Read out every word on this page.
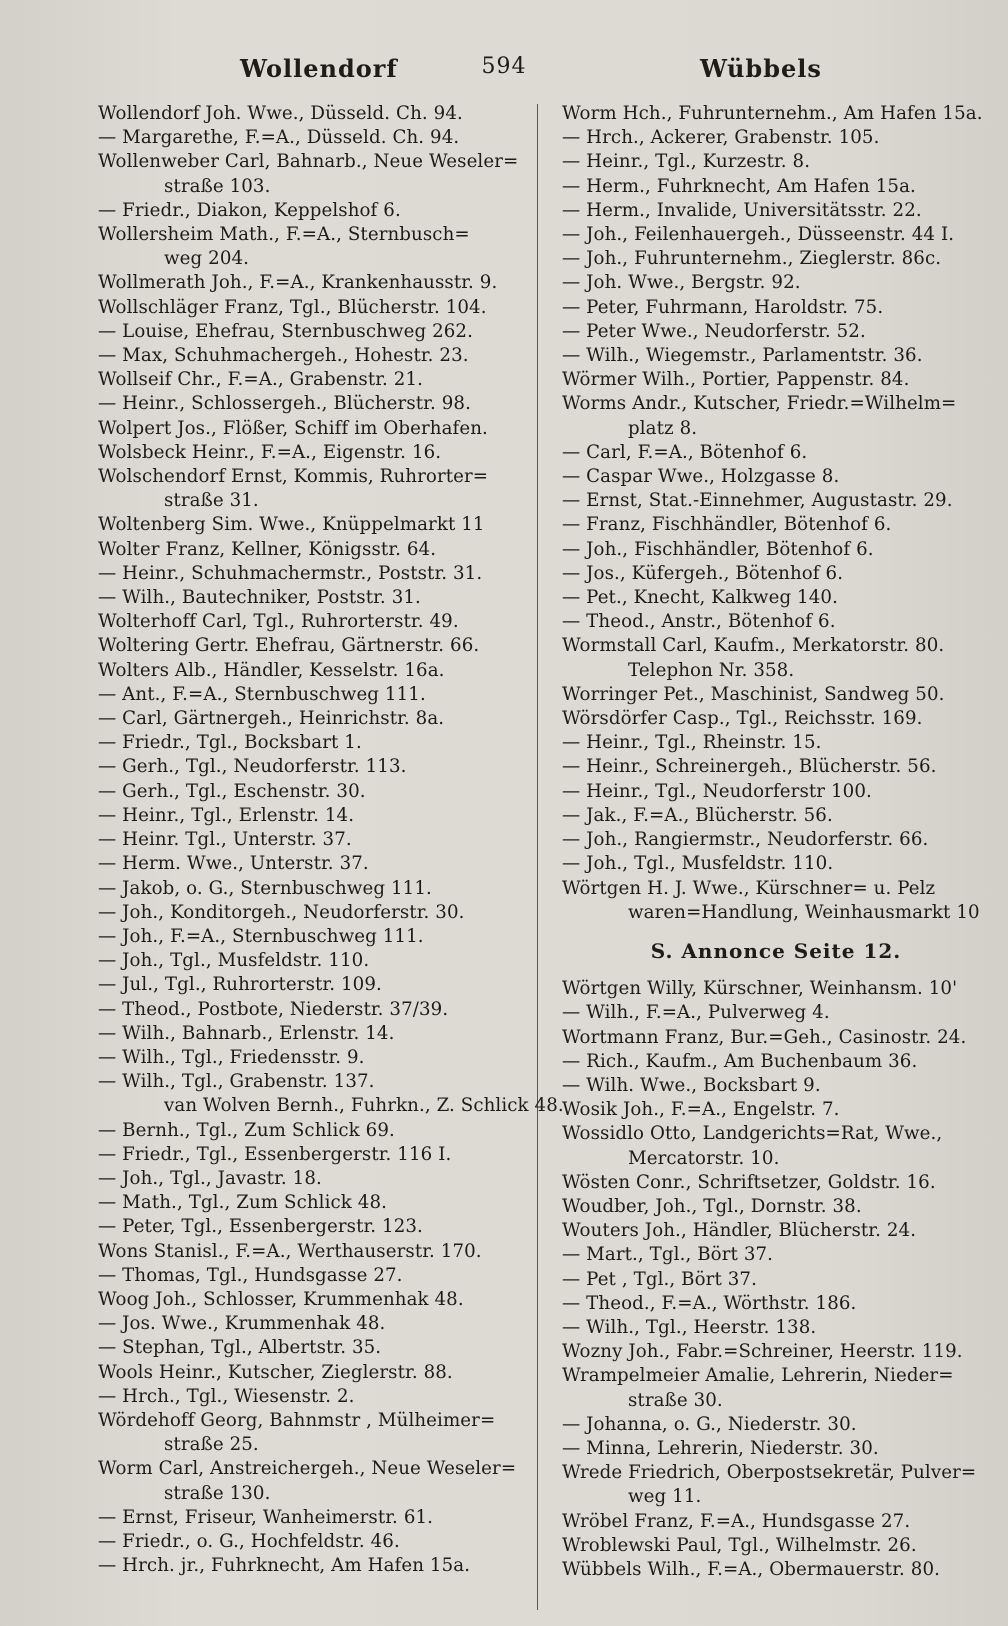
594
Wollendorf	Wübbels
Wollendorf Joh. Wwe., Düsseld. Ch. 94.
— Margarethe, F.=A., Düsseld. Ch. 94.
Wollenweber Carl, Bahnarb., Neue Weseler=
straße 103.
— Friedr., Diakon, Keppelshof 6.
Wollersheim Math., F.=A., Sternbusch=
weg 204.
Wollmerath Joh., F.=A., Krankenhausstr. 9.
Wollschläger Franz, Tgl., Blücherstr. 104.
— Louise, Ehefrau, Sternbuschweg 262.
— Max, Schuhmachergeh., Hohestr. 23.
Wollseif Chr., F.=A., Grabenstr. 21.
— Heinr., Schlossergeh., Blücherstr. 98.
Wolpert Jos., Flößer, Schiff im Oberhafen.
Wolsbeck Heinr., F.=A., Eigenstr. 16.
Wolschendorf Ernst, Kommis, Ruhrorter=
straße 31.
Woltenberg Sim. Wwe., Knüppelmarkt 11
Wolter Franz, Kellner, Königsstr. 64.
— Heinr., Schuhmachermstr., Poststr. 31.
— Wilh., Bautechniker, Poststr. 31.
Wolterhoff Carl, Tgl., Ruhrorterstr. 49.
Woltering Gertr. Ehefrau, Gärtnerstr. 66.
Wolters Alb., Händler, Kesselstr. 16a.
— Ant., F.=A., Sternbuschweg 111.
— Carl, Gärtnergeh., Heinrichstr. 8a.
— Friedr., Tgl., Bocksbart 1.
— Gerh., Tgl., Neudorferstr. 113.
— Gerh., Tgl., Eschenstr. 30.
— Heinr., Tgl., Erlenstr. 14.
— Heinr. Tgl., Unterstr. 37.
— Herm. Wwe., Unterstr. 37.
— Jakob, o. G., Sternbuschweg 111.
— Joh., Konditorgeh., Neudorferstr. 30.
— Joh., F.=A., Sternbuschweg 111.
— Joh., Tgl., Musfeldstr. 110.
— Jul., Tgl., Ruhrorterstr. 109.
— Theod., Postbote, Niederstr. 37/39.
— Wilh., Bahnarb., Erlenstr. 14.
— Wilh., Tgl., Friedensstr. 9.
— Wilh., Tgl., Grabenstr. 137.
van Wolven Bernh., Fuhrkn., Z. Schlick 48.
— Bernh., Tgl., Zum Schlick 69.
— Friedr., Tgl., Essenbergerstr. 116 I.
— Joh., Tgl., Javastr. 18.
— Math., Tgl., Zum Schlick 48.
— Peter, Tgl., Essenbergerstr. 123.
Wons Stanisl., F.=A., Werthauserstr. 170.
— Thomas, Tgl., Hundsgasse 27.
Woog Joh., Schlosser, Krummenhak 48.
— Jos. Wwe., Krummenhak 48.
— Stephan, Tgl., Albertstr. 35.
Wools Heinr., Kutscher, Zieglerstr. 88.
— Hrch., Tgl., Wiesenstr. 2.
Wördehoff Georg, Bahnmstr , Mülheimer=
straße 25.
Worm Carl, Anstreichergeh., Neue Weseler=
straße 130.
— Ernst, Friseur, Wanheimerstr. 61.
— Friedr., o. G., Hochfeldstr. 46.
— Hrch. jr., Fuhrknecht, Am Hafen 15a.
Worm Hch., Fuhrunternehm., Am Hafen 15a.
— Hrch., Ackerer, Grabenstr. 105.
— Heinr., Tgl., Kurzestr. 8.
— Herm., Fuhrknecht, Am Hafen 15a.
— Herm., Invalide, Universitätsstr. 22.
— Joh., Feilenhauergeh., Düsseenstr. 44 I.
— Joh., Fuhrunternehm., Zieglerstr. 86c.
— Joh. Wwe., Bergstr. 92.
— Peter, Fuhrmann, Haroldstr. 75.
— Peter Wwe., Neudorferstr. 52.
— Wilh., Wiegemstr., Parlamentstr. 36.
Wörmer Wilh., Portier, Pappenstr. 84.
Worms Andr., Kutscher, Friedr.=Wilhelm=
platz 8.
— Carl, F.=A., Bötenhof 6.
— Caspar Wwe., Holzgasse 8.
— Ernst, Stat.-Einnehmer, Augustastr. 29.
— Franz, Fischhändler, Bötenhof 6.
— Joh., Fischhändler, Bötenhof 6.
— Jos., Küfergeh., Bötenhof 6.
— Pet., Knecht, Kalkweg 140.
— Theod., Anstr., Bötenhof 6.
Wormstall Carl, Kaufm., Merkatorstr. 80.
Telephon Nr. 358.
Worringer Pet., Maschinist, Sandweg 50.
Wörsdörfer Casp., Tgl., Reichsstr. 169.
— Heinr., Tgl., Rheinstr. 15.
— Heinr., Schreinergeh., Blücherstr. 56.
— Heinr., Tgl., Neudorferstr 100.
— Jak., F.=A., Blücherstr. 56.
— Joh., Rangiermstr., Neudorferstr. 66.
— Joh., Tgl., Musfeldstr. 110.
Wörtgen H. J. Wwe., Kürschner= u. Pelz
waren=Handlung, Weinhausmarkt 10
S. Annonce Seite 12.
Wörtgen Willy, Kürschner, Weinhansm. 10'
— Wilh., F.=A., Pulverweg 4.
Wortmann Franz, Bur.=Geh., Casinostr. 24.
— Rich., Kaufm., Am Buchenbaum 36.
— Wilh. Wwe., Bocksbart 9.
Wosik Joh., F.=A., Engelstr. 7.
Wossidlo Otto, Landgerichts=Rat, Wwe.,
Mercatorstr. 10.
Wösten Conr., Schriftsetzer, Goldstr. 16.
Woudber, Joh., Tgl., Dornstr. 38.
Wouters Joh., Händler, Blücherstr. 24.
— Mart., Tgl., Bört 37.
— Pet , Tgl., Bört 37.
— Theod., F.=A., Wörthstr. 186.
— Wilh., Tgl., Heerstr. 138.
Wozny Joh., Fabr.=Schreiner, Heerstr. 119.
Wrampelmeier Amalie, Lehrerin, Nieder=
straße 30.
— Johanna, o. G., Niederstr. 30.
— Minna, Lehrerin, Niederstr. 30.
Wrede Friedrich, Oberpostsekretär, Pulver=
weg 11.
Wröbel Franz, F.=A., Hundsgasse 27.
Wroblewski Paul, Tgl., Wilhelmstr. 26.
Wübbels Wilh., F.=A., Obermauerstr. 80.
